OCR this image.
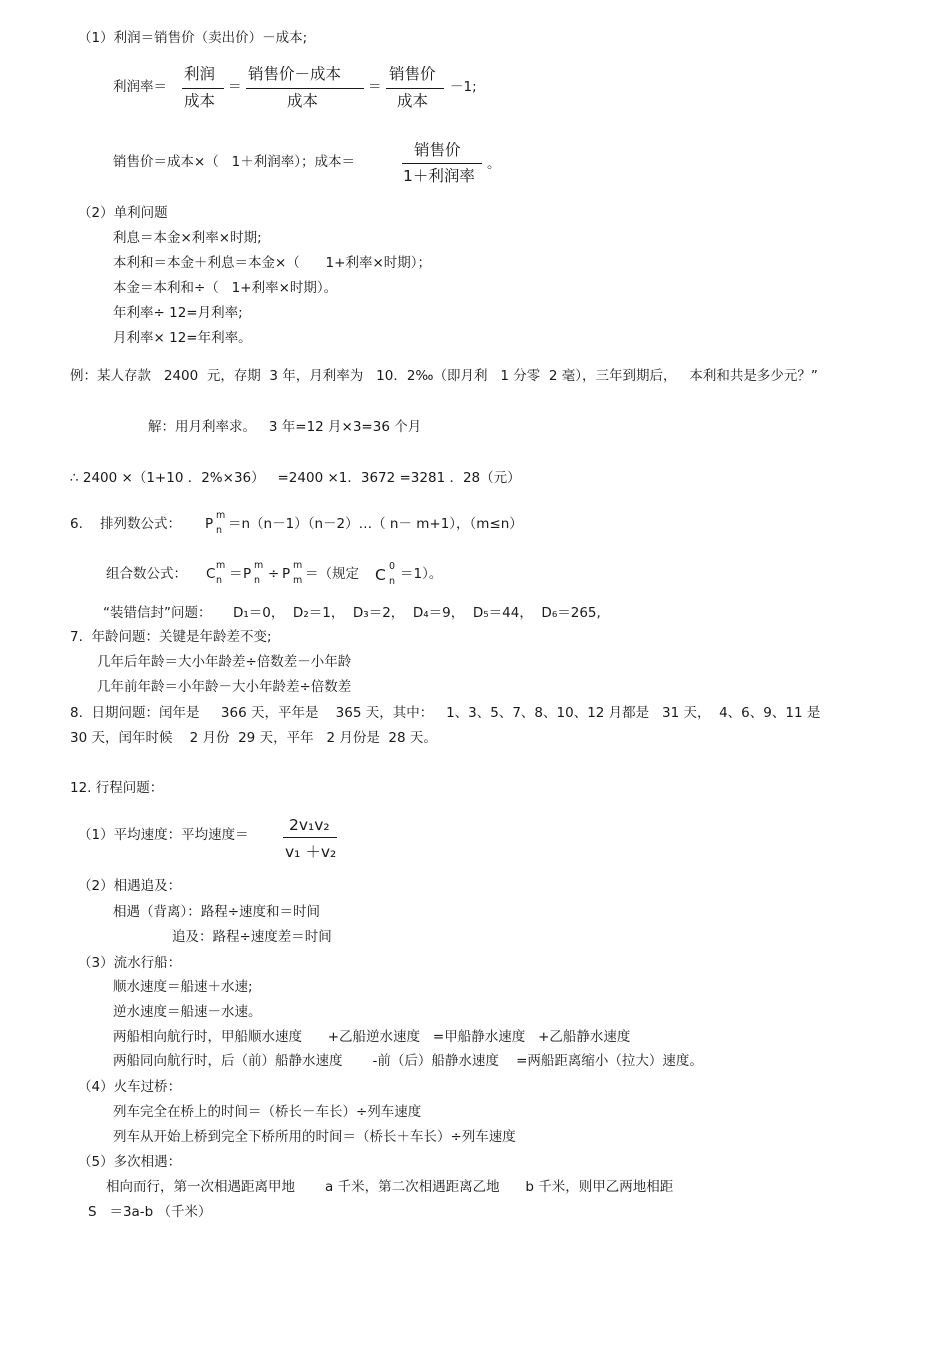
（1）利润＝销售价（卖出价）－成本;
利润率＝
利润
成本
＝
销售价－成本
成本
＝
销售价
成本
－1;
销售价＝成本×（   1＋利润率）；成本＝
销售价
1＋利润率
。
（2）单利问题
利息＝本金×利率×时期;
本利和＝本金＋利息＝本金×（      1+利率×时期）；
本金＝本利和÷（   1+利率×时期）。
年利率÷ 12=月利率;
月利率× 12=年利率。
例：某人存款   2400  元，存期  3 年，月利率为   10．2‰（即月利   1 分零  2 毫），三年到期后，   本利和共是多少元？”
解：用月利率求。   3 年=12 月×3=36 个月
∴ 2400 ×（1+10 ．2%×36）   =2400 ×1．3672 =3281 ．28（元）
6.    排列数公式： P
m
n ＝n（n－1）（n－2）…（ n－ m+1），（m≤n）
组合数公式： C
m
n ＝ P
m
n ÷ P
m
m ＝（规定 C 0
n ＝1）。
“装错信封”问题：     D₁＝0，  D₂＝1，  D₃＝2，  D₄＝9，  D₅＝44，  D₆＝265,
7.  年龄问题：关键是年龄差不变;
几年后年龄＝大小年龄差÷倍数差－小年龄
几年前年龄＝小年龄－大小年龄差÷倍数差
8.  日期问题：闰年是     366 天，平年是    365 天，其中：   1、3、5、7、8、10、12 月都是   31 天，  4、6、9、11 是
30 天，闰年时候    2 月份  29 天，平年   2 月份是  28 天。
12. 行程问题：
（1）平均速度：平均速度＝
2v₁v₂
v₁ ＋v₂
（2）相遇追及：
相遇（背离）：路程÷速度和＝时间
追及：路程÷速度差＝时间
（3）流水行船：
顺水速度＝船速＋水速;
逆水速度＝船速－水速。
两船相向航行时，甲船顺水速度      +乙船逆水速度   =甲船静水速度   +乙船静水速度
两船同向航行时，后（前）船静水速度       -前（后）船静水速度    =两船距离缩小（拉大）速度。
（4）火车过桥：
列车完全在桥上的时间＝（桥长－车长）÷列车速度
列车从开始上桥到完全下桥所用的时间＝（桥长＋车长）÷列车速度
（5）多次相遇：
相向而行，第一次相遇距离甲地       a 千米，第二次相遇距离乙地      b 千米，则甲乙两地相距
S   ＝3a-b （千米）
